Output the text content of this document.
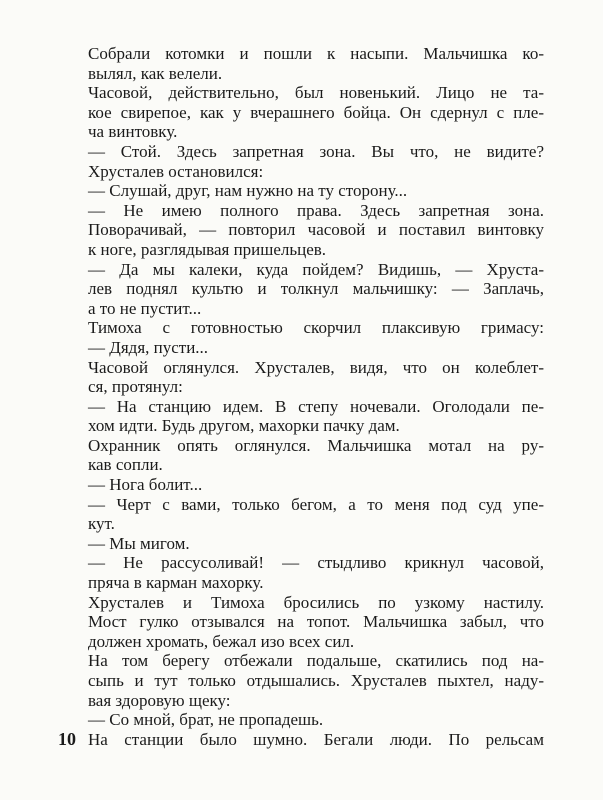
Собрали котомки и пошли к насыпи. Мальчишка ко-
вылял, как велели.
Часовой, действительно, был новенький. Лицо не та-
кое свирепое, как у вчерашнего бойца. Он сдернул с пле-
ча винтовку.
— Стой. Здесь запретная зона. Вы что, не видите?
Хрусталев остановился:
— Слушай, друг, нам нужно на ту сторону...
— Не имею полного права. Здесь запретная зона.
Поворачивай, — повторил часовой и поставил винтовку
к ноге, разглядывая пришельцев.
— Да мы калеки, куда пойдем? Видишь, — Хруста-
лев поднял культю и толкнул мальчишку: — Заплачь,
а то не пустит...
Тимоха с готовностью скорчил плаксивую гримасу:
— Дядя, пусти...
Часовой оглянулся. Хрусталев, видя, что он колеблет-
ся, протянул:
— На станцию идем. В степу ночевали. Оголодали пе-
хом идти. Будь другом, махорки пачку дам.
Охранник опять оглянулся. Мальчишка мотал на ру-
кав сопли.
— Нога болит...
— Черт с вами, только бегом, а то меня под суд упе-
кут.
— Мы мигом.
— Не рассусоливай! — стыдливо крикнул часовой,
пряча в карман махорку.
Хрусталев и Тимоха бросились по узкому настилу.
Мост гулко отзывался на топот. Мальчишка забыл, что
должен хромать, бежал изо всех сил.
На том берегу отбежали подальше, скатились под на-
сыпь и тут только отдышались. Хрусталев пыхтел, наду-
вая здоровую щеку:
— Со мной, брат, не пропадешь.
На станции было шумно. Бегали люди. По рельсам
10
